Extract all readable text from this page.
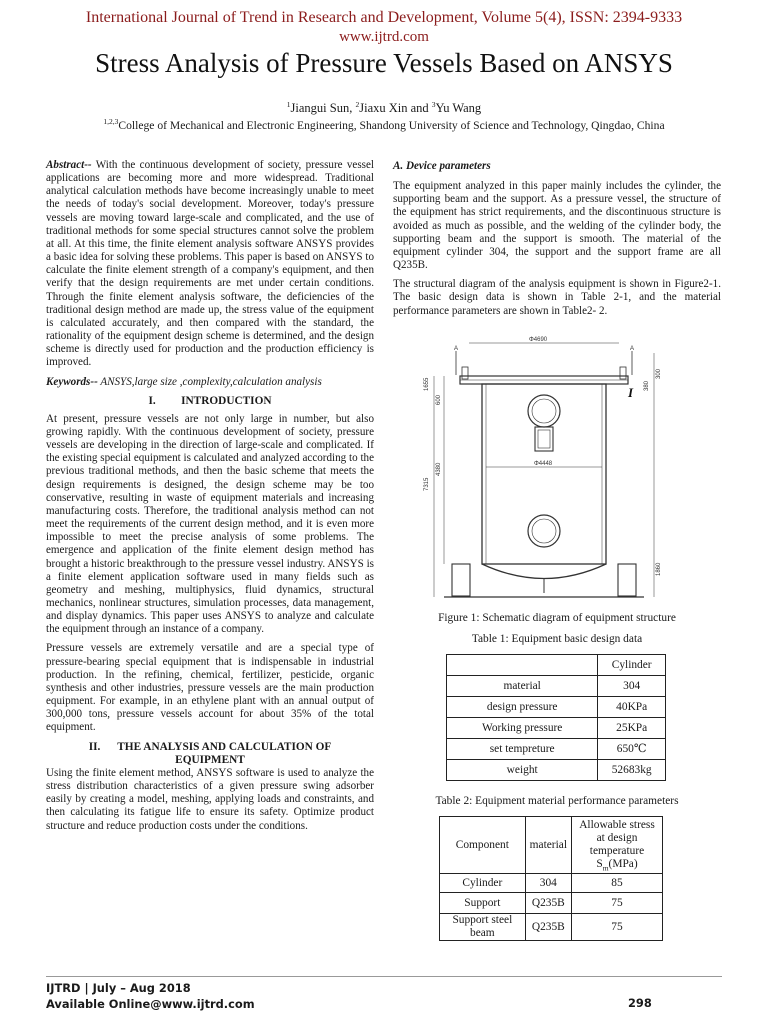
International Journal of Trend in Research and Development, Volume 5(4), ISSN: 2394-9333
www.ijtrd.com
Stress Analysis of Pressure Vessels Based on ANSYS
$^1$Jiangui Sun, $^2$Jiaxu Xin and $^3$Yu Wang
$^{1,2,3}$College of Mechanical and Electronic Engineering, Shandong University of Science and Technology, Qingdao, China

Abstract-- With the continuous development of society, pressure vessel applications are becoming more and more widespread. Traditional analytical calculation methods have become increasingly unable to meet the needs of today's social development. Moreover, today's pressure vessels are moving toward large-scale and complicated, and the use of traditional methods for some special structures cannot solve the problem at all. At this time, the finite element analysis software ANSYS provides a basic idea for solving these problems. This paper is based on ANSYS to calculate the finite element strength of a company's equipment, and then verify that the design requirements are met under certain conditions. Through the finite element analysis software, the deficiencies of the traditional design method are made up, the stress value of the equipment is calculated accurately, and then compared with the standard, the rationality of the equipment design scheme is determined, and the design scheme is directly used for production and the production efficiency is improved.

Keywords-- ANSYS,large size ,complexity,calculation analysis

I.         INTRODUCTION

At present, pressure vessels are not only large in number, but also growing rapidly. With the continuous development of society, pressure vessels are developing in the direction of large-scale and complicated. If the existing special equipment is calculated and analyzed according to the previous traditional methods, and then the basic scheme that meets the design requirements is designed, the design scheme may be too conservative, resulting in waste of equipment materials and increasing manufacturing costs. Therefore, the traditional analysis method can not meet the requirements of the current design method, and it is even more impossible to meet the precise analysis of some problems. The emergence and application of the finite element design method has brought a historic breakthrough to the pressure vessel industry. ANSYS is a finite element application software used in many fields such as geometry and meshing, multiphysics, fluid dynamics, structural mechanics, nonlinear structures, simulation processes, data management, and display dynamics. This paper uses ANSYS to analyze and calculate the equipment through an instance of a company.

Pressure vessels are extremely versatile and are a special type of pressure-bearing special equipment that is indispensable in industrial production. In the refining, chemical, fertilizer, pesticide, organic synthesis and other industries, pressure vessels are the main production equipment. For example, in an ethylene plant with an annual output of 300,000 tons, pressure vessels account for about 35% of the total equipment.

II.      THE ANALYSIS AND CALCULATION OF EQUIPMENT

Using the finite element method, ANSYS software is used to analyze the stress distribution characteristics of a given pressure swing adsorber easily by creating a model, meshing, applying loads and constraints, and then calculating its fatigue life to ensure its safety. Optimize product structure and reduce production costs under the conditions.

A. Device parameters

The equipment analyzed in this paper mainly includes the cylinder, the supporting beam and the support. As a pressure vessel, the structure of the equipment has strict requirements, and the discontinuous structure is avoided as much as possible, and the welding of the cylinder body, the supporting beam and the support is smooth. The material of the equipment cylinder 304, the support and the support frame are all Q235B.

The structural diagram of the analysis equipment is shown in Figure2-1. The basic design data is shown in Table 2-1, and the material performance parameters are shown in Table2- 2.

Φ4690
Φ4448
A	A
1655
600
7315
4380
1860
300
380
I
Figure 1: Schematic diagram of equipment structure
Table 1: Equipment basic design data
	Cylinder
material	304
design pressure	40KPa
Working pressure	25KPa
set tempreture	650℃
weight	52683kg
Table 2: Equipment material performance parameters
Component	material	Allowable stress at design temperature
$S_m(MPa)$
Cylinder	304	85
Support	Q235B	75
Support steel beam	Q235B	75
IJTRD | July – Aug 2018
Available Online@www.ijtrd.com	298
